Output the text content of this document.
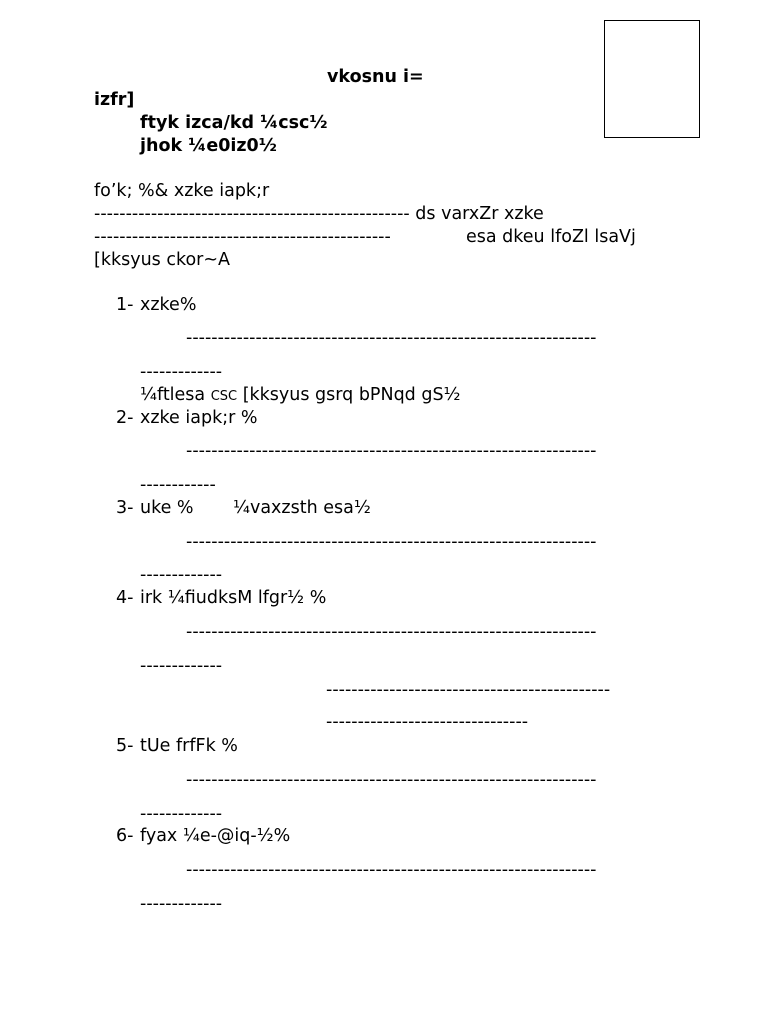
vkosnu i=
izfr]
ftyk izca/kd ¼csc½
jhok ¼e0iz0½
fo’k; %& xzke iapk;r
-------------------------------------------------- ds varxZr xzke
-----------------------------------------------	esa dkeu lfoZl lsaVj
[kksyus ckor~A
1- xzke%
-----------------------------------------------------------------
-------------
¼ftlesa CSC [kksyus gsrq bPNqd gS½
2- xzke iapk;r %
-----------------------------------------------------------------
------------
3- uke % ¼vaxzsth esa½
-----------------------------------------------------------------
-------------
4- irk ¼fiudksM lfgr½ %
-----------------------------------------------------------------
-------------
---------------------------------------------
--------------------------------
5- tUe frfFk %
-----------------------------------------------------------------
-------------
6- fyax ¼e-@iq-½%
-----------------------------------------------------------------
-------------
